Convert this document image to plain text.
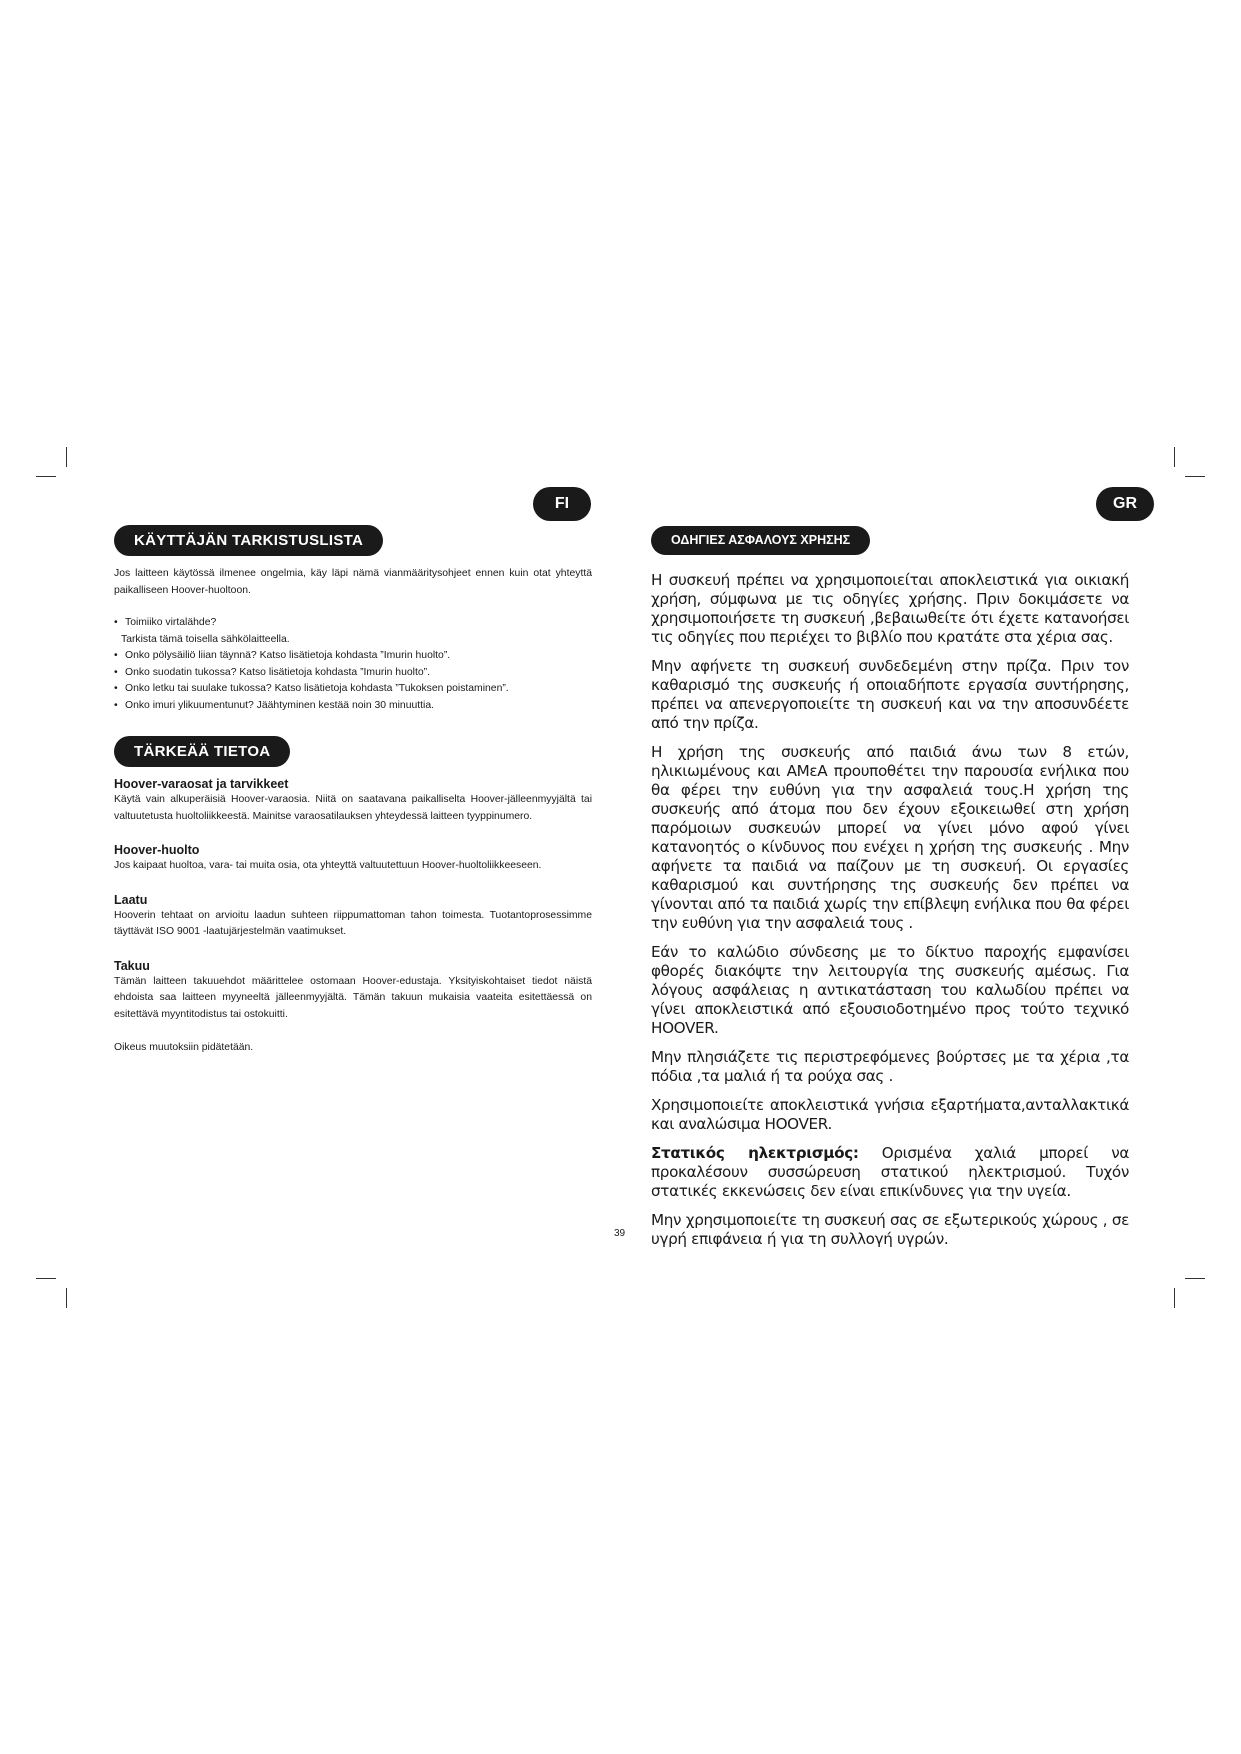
FI	GR
KÄYTTÄJÄN TARKISTUSLISTA
TÄRKEÄÄ TIETOA

Jos laitteen käytössä ilmenee ongelmia, käy läpi nämä vianmääritysohjeet ennen kuin otat yhteyttä paikalliseen Hoover-huoltoon.

• Toimiiko virtalähde?
Tarkista tämä toisella sähkölaitteella.
• Onko pölysäiliö liian täynnä? Katso lisätietoja kohdasta ”Imurin huolto”.
• Onko suodatin tukossa? Katso lisätietoja kohdasta ”Imurin huolto”.
• Onko letku tai suulake tukossa? Katso lisätietoja kohdasta ”Tukoksen poistaminen”.
• Onko imuri ylikuumentunut? Jäähtyminen kestää noin 30 minuuttia.
Hoover-varaosat ja tarvikkeet

Käytä vain alkuperäisiä Hoover-varaosia. Niitä on saatavana paikalliselta Hoover-jälleenmyyjältä tai valtuutetusta huoltoliikkeestä. Mainitse varaosatilauksen yhteydessä laitteen tyyppinumero.

Hoover-huolto

Jos kaipaat huoltoa, vara- tai muita osia, ota yhteyttä valtuutettuun Hoover-huoltoliikkeeseen.

Laatu

Hooverin tehtaat on arvioitu laadun suhteen riippumattoman tahon toimesta. Tuotantoprosessimme täyttävät ISO 9001 -laatujärjestelmän vaatimukset.

Takuu

Tämän laitteen takuuehdot määrittelee ostomaan Hoover-edustaja. Yksityiskohtaiset tiedot näistä ehdoista saa laitteen myyneeltä jälleenmyyjältä. Tämän takuun mukaisia vaateita esitettäessä on esitettävä myyntitodistus tai ostokuitti.

Oikeus muutoksiin pidätetään.

ΟΔΗΓΙΕΣ ΑΣΦΑΛΟΥΣ ΧΡΗΣΗΣ

Η συσκευή πρέπει να χρησιμοποιείται αποκλειστικά για οικιακή χρήση, σύμφωνα με τις οδηγίες χρήσης. Πριν δοκιμάσετε να χρησιμοποιήσετε τη συσκευή ,βεβαιωθείτε ότι έχετε κατανοήσει τις οδηγίες που περιέχει το βιβλίο που κρατάτε στα χέρια σας.

Μην αφήνετε τη συσκευή συνδεδεμένη στην πρίζα. Πριν τον καθαρισμό της συσκευής ή οποιαδήποτε εργασία συντήρησης, πρέπει να απενεργοποιείτε τη συσκευή και να την αποσυνδέετε από την πρίζα.

Η χρήση της συσκευής από παιδιά άνω των 8 ετών, ηλικιωμένους και ΑΜεΑ προυποθέτει την παρουσία ενήλικα που θα φέρει την ευθύνη για την ασφαλειά τους.Η χρήση της συσκευής από άτομα που δεν έχουν εξοικειωθεί στη χρήση παρόμοιων συσκευών μπορεί να γίνει μόνο αφού γίνει κατανοητός ο κίνδυνος που ενέχει η χρήση της συσκευής . Μην αφήνετε τα παιδιά να παίζουν με τη συσκευή. Οι εργασίες καθαρισμού και συντήρησης της συσκευής δεν πρέπει να γίνονται από τα παιδιά χωρίς την επίβλεψη ενήλικα που θα φέρει την ευθύνη για την ασφαλειά τους .

Εάν το καλώδιο σύνδεσης με το δίκτυο παροχής εμφανίσει φθορές διακόψτε την λειτουργία της συσκευής αμέσως. Για λόγους ασφάλειας η αντικατάσταση του καλωδίου πρέπει να γίνει αποκλειστικά από εξουσιοδοτημένο προς τούτο τεχνικό HOOVER.

Μην πλησιάζετε τις περιστρεφόμενες βούρτσες με τα χέρια ,τα πόδια ,τα μαλιά ή τα ρούχα σας .

Χρησιμοποιείτε αποκλειστικά γνήσια εξαρτήματα,ανταλλακτικά και αναλώσιμα HOOVER.

Στατικός ηλεκτρισμός: Ορισμένα χαλιά μπορεί να προκαλέσουν συσσώρευση στατικού ηλεκτρισμού. Τυχόν στατικές εκκενώσεις δεν είναι επικίνδυνες για την υγεία.

Μην χρησιμοποιείτε τη συσκευή σας σε εξωτερικούς χώρους , σε υγρή επιφάνεια ή για τη συλλογή υγρών.

39
